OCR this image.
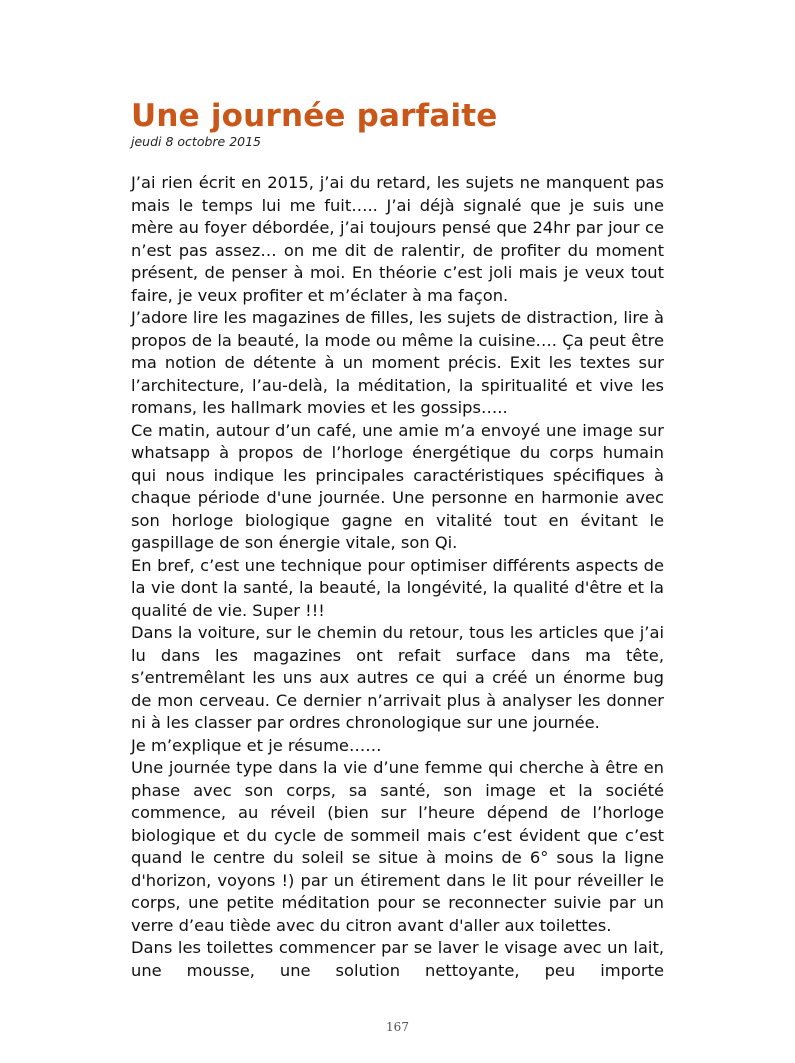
Une journée parfaite
jeudi 8 octobre 2015

J’ai rien écrit en 2015, j’ai du retard, les sujets ne manquent pas mais le temps lui me fuit….. J’ai déjà signalé que je suis une mère au foyer débordée, j’ai toujours pensé que 24hr par jour ce n’est pas assez… on me dit de ralentir, de profiter du moment présent, de penser à moi. En théorie c’est joli mais je veux tout faire, je veux profiter et m’éclater à ma façon.

J’adore lire les magazines de filles, les sujets de distraction, lire à propos de la beauté, la mode ou même la cuisine…. Ça peut être ma notion de détente à un moment précis. Exit les textes sur l’architecture, l’au-delà, la méditation, la spiritualité et vive les romans, les hallmark movies et les gossips…..

Ce matin, autour d’un café, une amie m’a envoyé une image sur whatsapp à propos de l’horloge énergétique du corps humain qui nous indique les principales caractéristiques spécifiques à chaque période d'une journée. Une personne en harmonie avec son horloge biologique gagne en vitalité tout en évitant le gaspillage de son énergie vitale, son Qi.

En bref, c’est une technique pour optimiser différents aspects de la vie dont la santé, la beauté, la longévité, la qualité d'être et la qualité de vie. Super !!!

Dans la voiture, sur le chemin du retour, tous les articles que j’ai lu dans les magazines ont refait surface dans ma tête, s’entremêlant les uns aux autres ce qui a créé un énorme bug de mon cerveau. Ce dernier n’arrivait plus à analyser les donner ni à les classer par ordres chronologique sur une journée.

Je m’explique et je résume……

Une journée type dans la vie d’une femme qui cherche à être en phase avec son corps, sa santé, son image et la société commence, au réveil (bien sur l’heure dépend de l’horloge biologique et du cycle de sommeil mais c’est évident que c’est quand le centre du soleil se situe à moins de 6° sous la ligne d'horizon, voyons !) par un étirement dans le lit pour réveiller le corps, une petite méditation pour se reconnecter suivie par un verre d’eau tiède avec du citron avant d'aller aux toilettes.

Dans les toilettes commencer par se laver le visage avec un lait, une mousse, une solution nettoyante, peu importe

167
